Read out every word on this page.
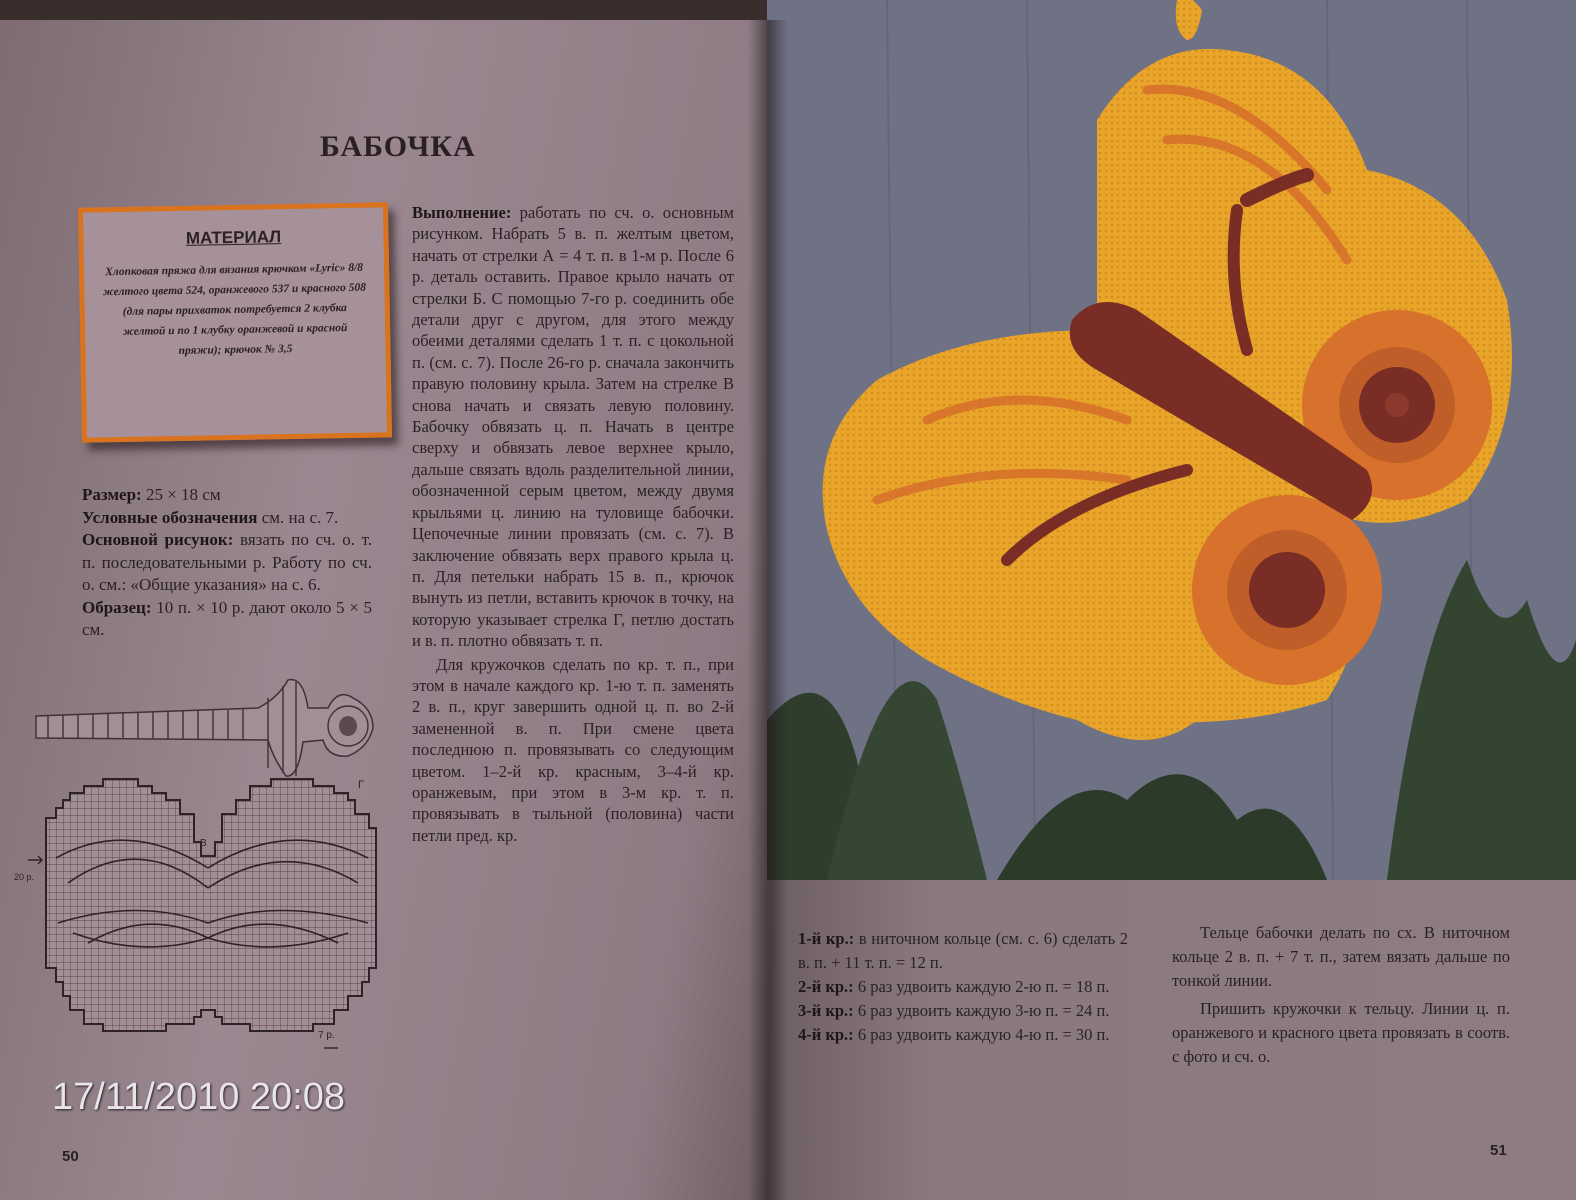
БАБОЧКА
МАТЕРИАЛ
Хлопковая пряжа для вязания крючком «Lyric» 8/8 желтого цвета 524, оранжевого 537 и красного 508 (для пары прихваток потребуется 2 клубка желтой и по 1 клубку оранжевой и красной пряжи); крючок № 3,5

Размер: 25 × 18 см

Условные обозначения см. на с. 7.

Основной рисунок: вязать по сч. о. т. п. последовательными р. Работу по сч. о. см.: «Общие указания» на с. 6.

Образец: 10 п. × 10 р. дают около 5 × 5 см.

Выполнение: работать по сч. о. основным рисунком. Набрать 5 в. п. желтым цветом, начать от стрелки А = 4 т. п. в 1-м р. После 6 р. деталь оставить. Правое крыло начать от стрелки Б. С помощью 7-го р. соединить обе детали друг с другом, для этого между обеими деталями сделать 1 т. п. с цокольной п. (см. с. 7). После 26-го р. сначала закончить правую половину крыла. Затем на стрелке В снова начать и связать левую половину. Бабочку обвязать ц. п. Начать в центре сверху и обвязать левое верхнее крыло, дальше связать вдоль разделительной линии, обозначенной серым цветом, между двумя крыльями ц. линию на туловище бабочки. Цепочечные линии провязать (см. с. 7). В заключение обвязать верх правого крыла ц. п. Для петельки набрать 15 в. п., крючок вынуть из петли, вставить крючок в точку, на которую указывает стрелка Г, петлю достать и в. п. плотно обвязать т. п.

Для кружочков сделать по кр. т. п., при этом в начале каждого кр. 1-ю т. п. заменять 2 в. п., круг завершить одной ц. п. во 2-й замененной в. п. При смене цвета последнюю п. провязывать со следующим цветом. 1–2-й кр. красным, 3–4-й кр. оранжевым, при этом в 3-м кр. т. п. провязывать в тыльной (половина) части петли пред. кр.

В
Г
20 р.
7 р.
50

1-й кр.: в ниточном кольце (см. с. 6) сделать 2 в. п. + 11 т. п. = 12 п.

2-й кр.: 6 раз удвоить каждую 2-ю п. = 18 п.

3-й кр.: 6 раз удвоить каждую 3-ю п. = 24 п.

4-й кр.: 6 раз удвоить каждую 4-ю п. = 30 п.

Тельце бабочки делать по сх. В ниточном кольце 2 в. п. + 7 т. п., затем вязать дальше по тонкой линии.

Пришить кружочки к тельцу. Линии ц. п. оранжевого и красного цвета провязать в соотв. с фото и сч. о.

51
17/11/2010 20:08
